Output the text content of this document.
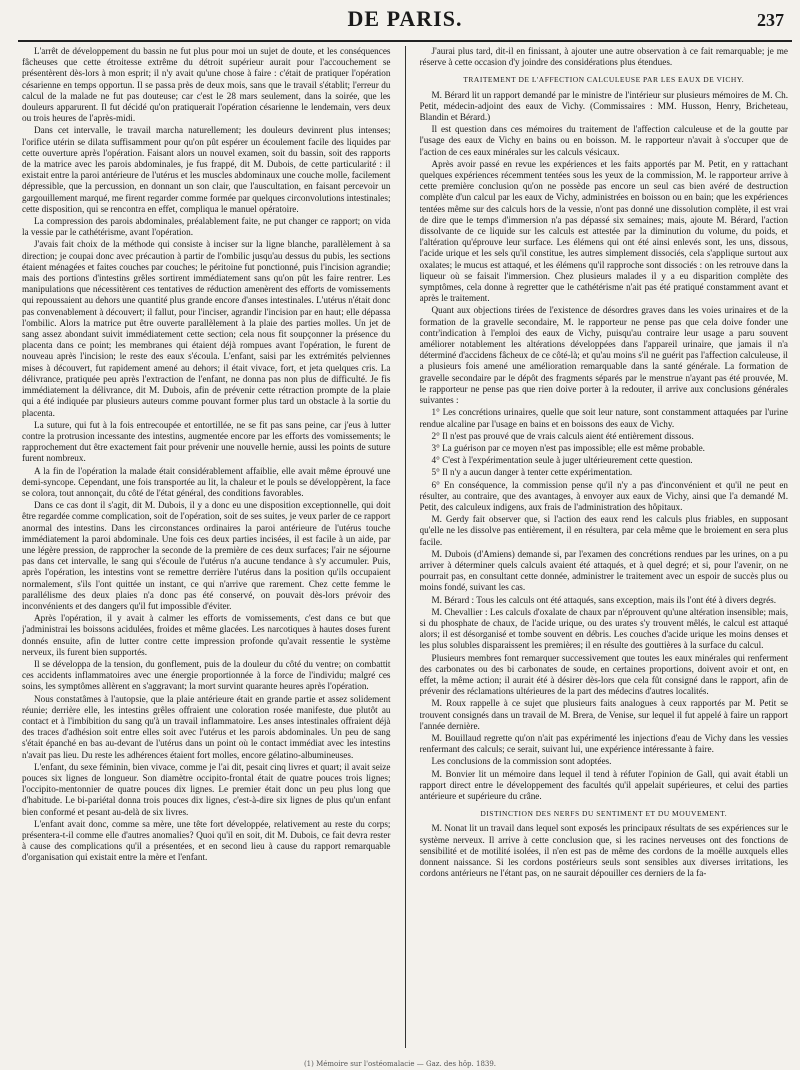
DE PARIS.	237

L'arrêt de développement du bassin ne fut plus pour moi un sujet de doute, et les conséquences fâcheuses que cette étroitesse extrême du détroit supérieur aurait pour l'accouchement se présentèrent dès-lors à mon esprit; il n'y avait qu'une chose à faire : c'était de pratiquer l'opération césarienne en temps opportun. Il se passa près de deux mois, sans que le travail s'établit; l'erreur du calcul de la malade ne fut pas douteuse; car c'est le 28 mars seulement, dans la soirée, que les douleurs apparurent. Il fut décidé qu'on pratiquerait l'opération césarienne le lendemain, vers deux ou trois heures de l'après-midi.

Dans cet intervalle, le travail marcha naturellement; les douleurs devinrent plus intenses; l'orifice utérin se dilata suffisamment pour qu'on pût espérer un écoulement facile des liquides par cette ouverture après l'opération. Faisant alors un nouvel examen, soit du bassin, soit des rapports de la matrice avec les parois abdominales, je fus frappé, dit M. Dubois, de cette particularité : il existait entre la paroi antérieure de l'utérus et les muscles abdominaux une couche molle, facilement dépressible, que la percussion, en donnant un son clair, que l'auscultation, en faisant percevoir un gargouillement marqué, me firent regarder comme formée par quelques circonvolutions intestinales; cette disposition, qui se rencontra en effet, compliqua le manuel opératoire.

La compression des parois abdominales, préalablement faite, ne put changer ce rapport; on vida la vessie par le cathétérisme, avant l'opération.

J'avais fait choix de la méthode qui consiste à inciser sur la ligne blanche, parallèlement à sa direction; je coupai donc avec précaution à partir de l'ombilic jusqu'au dessus du pubis, les sections étaient ménagées et faites couches par couches; le péritoine fut ponctionné, puis l'incision agrandie; mais des portions d'intestins grêles sortirent immédiatement sans qu'on pût les faire rentrer. Les manipulations que nécessitèrent ces tentatives de réduction amenèrent des efforts de vomissements qui repoussaient au dehors une quantité plus grande encore d'anses intestinales. L'utérus n'était donc pas convenablement à découvert; il fallut, pour l'inciser, agrandir l'incision par en haut; elle dépassa l'ombilic. Alors la matrice put être ouverte parallèlement à la plaie des parties molles. Un jet de sang assez abondant suivit immédiatement cette section; cela nous fit soupçonner la présence du placenta dans ce point; les membranes qui étaient déjà rompues avant l'opération, le furent de nouveau après l'incision; le reste des eaux s'écoula. L'enfant, saisi par les extrémités pelviennes mises à découvert, fut rapidement amené au dehors; il était vivace, fort, et jeta quelques cris. La délivrance, pratiquée peu après l'extraction de l'enfant, ne donna pas non plus de difficulté. Je fis immédiatement la délivrance, dit M. Dubois, afin de prévenir cette rétraction prompte de la plaie qui a été indiquée par plusieurs auteurs comme pouvant former plus tard un obstacle à la sortie du placenta.

La suture, qui fut à la fois entrecoupée et entortillée, ne se fit pas sans peine, car j'eus à lutter contre la protrusion incessante des intestins, augmentée encore par les efforts des vomissements; le rapprochement dut être exactement fait pour prévenir une nouvelle hernie, aussi les points de suture furent nombreux.

A la fin de l'opération la malade était considérablement affaiblie, elle avait même éprouvé une demi-syncope. Cependant, une fois transportée au lit, la chaleur et le pouls se développèrent, la face se colora, tout annonçait, du côté de l'état général, des conditions favorables.

Dans ce cas dont il s'agit, dit M. Dubois, il y a donc eu une disposition exceptionnelle, qui doit être regardée comme complication, soit de l'opération, soit de ses suites, je veux parler de ce rapport anormal des intestins. Dans les circonstances ordinaires la paroi antérieure de l'utérus touche immédiatement la paroi abdominale. Une fois ces deux parties incisées, il est facile à un aide, par une légère pression, de rapprocher la seconde de la première de ces deux surfaces; l'air ne séjourne pas dans cet intervalle, le sang qui s'écoule de l'utérus n'a aucune tendance à s'y accumuler. Puis, après l'opération, les intestins vont se remettre derrière l'utérus dans la position qu'ils occupaient normalement, s'ils l'ont quittée un instant, ce qui n'arrive que rarement. Chez cette femme le parallélisme des deux plaies n'a donc pas été conservé, on pouvait dès-lors prévoir des inconvénients et des dangers qu'il fut impossible d'éviter.

Après l'opération, il y avait à calmer les efforts de vomissements, c'est dans ce but que j'administrai les boissons acidulées, froides et même glacées. Les narcotiques à hautes doses furent donnés ensuite, afin de lutter contre cette impression profonde qu'avait ressentie le système nerveux, ils furent bien supportés.

Il se développa de la tension, du gonflement, puis de la douleur du côté du ventre; on combattit ces accidents inflammatoires avec une énergie proportionnée à la force de l'individu; malgré ces soins, les symptômes allèrent en s'aggravant; la mort survint quarante heures après l'opération.

Nous constatâmes à l'autopsie, que la plaie antérieure était en grande partie et assez solidement réunie; derrière elle, les intestins grêles offraient une coloration rosée manifeste, due plutôt au contact et à l'imbibition du sang qu'à un travail inflammatoire. Les anses intestinales offraient déjà des traces d'adhésion soit entre elles soit avec l'utérus et les parois abdominales. Un peu de sang s'était épanché en bas au-devant de l'utérus dans un point où le contact immédiat avec les intestins n'avait pas lieu. Du reste les adhérences étaient fort molles, encore gélatino-albumineuses.

L'enfant, du sexe féminin, bien vivace, comme je l'ai dit, pesait cinq livres et quart; il avait seize pouces six lignes de longueur. Son diamètre occipito-frontal était de quatre pouces trois lignes; l'occipito-mentonnier de quatre pouces dix lignes. Le premier était donc un peu plus long que d'habitude. Le bi-pariétal donna trois pouces dix lignes, c'est-à-dire six lignes de plus qu'un enfant bien conformé et pesant au-delà de six livres.

L'enfant avait donc, comme sa mère, une tête fort développée, relativement au reste du corps; présentera-t-il comme elle d'autres anomalies? Quoi qu'il en soit, dit M. Dubois, ce fait devra rester à cause des complications qu'il a présentées, et en second lieu à cause du rapport remarquable d'organisation qui existait entre la mère et l'enfant.

J'aurai plus tard, dit-il en finissant, à ajouter une autre observation à ce fait remarquable; je me réserve à cette occasion d'y joindre des considérations plus étendues.

TRAITEMENT DE L'AFFECTION CALCULEUSE PAR LES EAUX DE VICHY.

M. Bérard lit un rapport demandé par le ministre de l'intérieur sur plusieurs mémoires de M. Ch. Petit, médecin-adjoint des eaux de Vichy. (Commissaires : MM. Husson, Henry, Bricheteau, Blandin et Bérard.)

Il est question dans ces mémoires du traitement de l'affection calculeuse et de la goutte par l'usage des eaux de Vichy en bains ou en boisson. M. le rapporteur n'avait à s'occuper que de l'action de ces eaux minérales sur les calculs vésicaux.

Après avoir passé en revue les expériences et les faits apportés par M. Petit, en y rattachant quelques expériences récemment tentées sous les yeux de la commission, M. le rapporteur arrive à cette première conclusion qu'on ne possède pas encore un seul cas bien avéré de destruction complète d'un calcul par les eaux de Vichy, administrées en boisson ou en bain; que les expériences tentées même sur des calculs hors de la vessie, n'ont pas donné une dissolution complète, il est vrai de dire que le temps d'immersion n'a pas dépassé six semaines; mais, ajoute M. Bérard, l'action dissolvante de ce liquide sur les calculs est attestée par la diminution du volume, du poids, et l'altération qu'éprouve leur surface. Les élémens qui ont été ainsi enlevés sont, les uns, dissous, l'acide urique et les sels qu'il constitue, les autres simplement dissociés, cela s'applique surtout aux oxalates; le mucus est attaqué, et les élémens qu'il rapproche sont dissociés : on les retrouve dans la liqueur où se faisait l'immersion. Chez plusieurs malades il y a eu disparition complète des symptômes, cela donne à regretter que le cathétérisme n'ait pas été pratiqué constamment avant et après le traitement.

Quant aux objections tirées de l'existence de désordres graves dans les voies urinaires et de la formation de la gravelle secondaire, M. le rapporteur ne pense pas que cela doive fonder une contr'indication à l'emploi des eaux de Vichy, puisqu'au contraire leur usage a paru souvent améliorer notablement les altérations développées dans l'appareil urinaire, que jamais il n'a déterminé d'accidens fâcheux de ce côté-là; et qu'au moins s'il ne guérit pas l'affection calculeuse, il a plusieurs fois amené une amélioration remarquable dans la santé générale. La formation de gravelle secondaire par le dépôt des fragments séparés par le menstrue n'ayant pas été prouvée, M. le rapporteur ne pense pas que rien doive porter à la redouter, il arrive aux conclusions générales suivantes :

1° Les concrétions urinaires, quelle que soit leur nature, sont constamment attaquées par l'urine rendue alcaline par l'usage en bains et en boissons des eaux de Vichy.

2° Il n'est pas prouvé que de vrais calculs aient été entièrement dissous.

3° La guérison par ce moyen n'est pas impossible; elle est même probable.

4° C'est à l'expérimentation seule à juger ultérieurement cette question.

5° Il n'y a aucun danger à tenter cette expérimentation.

6° En conséquence, la commission pense qu'il n'y a pas d'inconvénient et qu'il ne peut en résulter, au contraire, que des avantages, à envoyer aux eaux de Vichy, ainsi que l'a demandé M. Petit, des calculeux indigens, aux frais de l'administration des hôpitaux.

M. Gerdy fait observer que, si l'action des eaux rend les calculs plus friables, en supposant qu'elle ne les dissolve pas entièrement, il en résultera, par cela même que le broiement en sera plus facile.

M. Dubois (d'Amiens) demande si, par l'examen des concrétions rendues par les urines, on a pu arriver à déterminer quels calculs avaient été attaqués, et à quel degré; et si, pour l'avenir, on ne pourrait pas, en consultant cette donnée, administrer le traitement avec un espoir de succès plus ou moins fondé, suivant les cas.

M. Bérard : Tous les calculs ont été attaqués, sans exception, mais ils l'ont été à divers degrés.

M. Chevallier : Les calculs d'oxalate de chaux par n'éprouvent qu'une altération insensible; mais, si du phosphate de chaux, de l'acide urique, ou des urates s'y trouvent mêlés, le calcul est attaqué alors; il est désorganisé et tombe souvent en débris. Les couches d'acide urique les moins denses et les plus solubles disparaissent les premières; il en résulte des gouttières à la surface du calcul.

Plusieurs membres font remarquer successivement que toutes les eaux minérales qui renferment des carbonates ou des bi carbonates de soude, en certaines proportions, doivent avoir et ont, en effet, la même action; il aurait été à désirer dès-lors que cela fût consigné dans le rapport, afin de prévenir des réclamations ultérieures de la part des médecins d'autres localités.

M. Roux rappelle à ce sujet que plusieurs faits analogues à ceux rapportés par M. Petit se trouvent consignés dans un travail de M. Brera, de Venise, sur lequel il fut appelé à faire un rapport l'année dernière.

M. Bouillaud regrette qu'on n'ait pas expérimenté les injections d'eau de Vichy dans les vessies renfermant des calculs; ce serait, suivant lui, une expérience intéressante à faire.

Les conclusions de la commission sont adoptées.

M. Bonvier lit un mémoire dans lequel il tend à réfuter l'opinion de Gall, qui avait établi un rapport direct entre le développement des facultés qu'il appelait supérieures, et celui des parties antérieure et supérieure du crâne.

DISTINCTION DES NERFS DU SENTIMENT ET DU MOUVEMENT.

M. Nonat lit un travail dans lequel sont exposés les principaux résultats de ses expériences sur le système nerveux. Il arrive à cette conclusion que, si les racines nerveuses ont des fonctions de sensibilité et de motilité isolées, il n'en est pas de même des cordons de la moëlle auxquels elles donnent naissance. Si les cordons postérieurs seuls sont sensibles aux diverses irritations, les cordons antérieurs ne l'étant pas, on ne saurait dépouiller ces derniers de la fa-

(1) Mémoire sur l'ostéomalacie — Gaz. des hôp. 1839.
